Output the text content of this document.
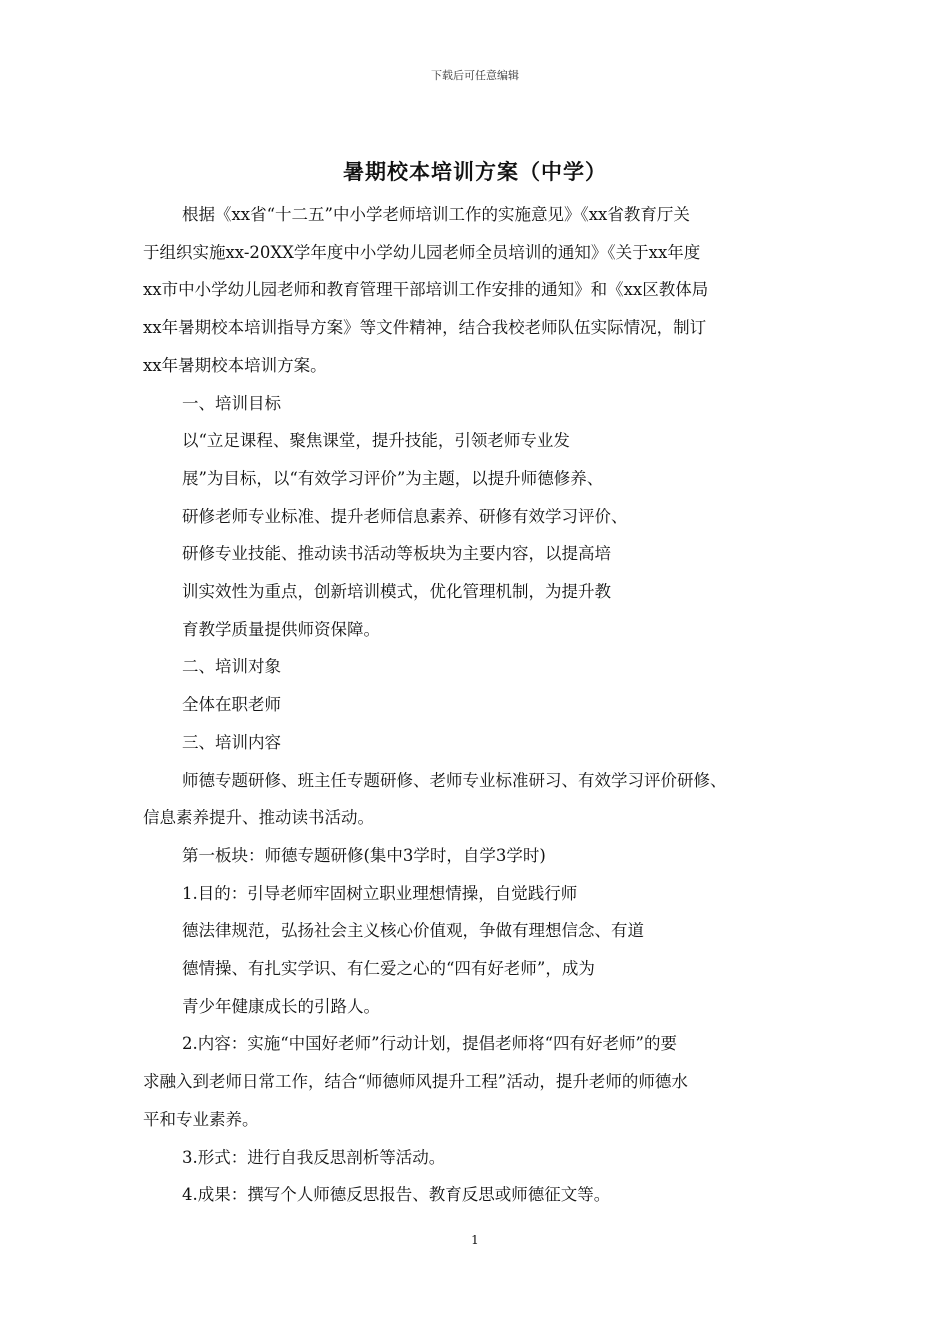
下载后可任意编辑
暑期校本培训方案（中学）

根据《xx省“十二五”中小学老师培训工作的实施意见》《xx省教育厅关

于组织实施xx-20XX学年度中小学幼儿园老师全员培训的通知》《关于xx年度

xx市中小学幼儿园老师和教育管理干部培训工作安排的通知》和《xx区教体局

xx年暑期校本培训指导方案》等文件精神，结合我校老师队伍实际情况，制订

xx年暑期校本培训方案。

一、培训目标

以“立足课程、聚焦课堂，提升技能，引领老师专业发

展”为目标，以“有效学习评价”为主题，以提升师德修养、

研修老师专业标准、提升老师信息素养、研修有效学习评价、

研修专业技能、推动读书活动等板块为主要内容，以提高培

训实效性为重点，创新培训模式，优化管理机制，为提升教

育教学质量提供师资保障。

二、培训对象

全体在职老师

三、培训内容

师德专题研修、班主任专题研修、老师专业标准研习、有效学习评价研修、

信息素养提升、推动读书活动。

第一板块：师德专题研修(集中3学时，自学3学时)

1.目的：引导老师牢固树立职业理想情操，自觉践行师

德法律规范，弘扬社会主义核心价值观，争做有理想信念、有道

德情操、有扎实学识、有仁爱之心的“四有好老师”，成为

青少年健康成长的引路人。

2.内容：实施“中国好老师”行动计划，提倡老师将“四有好老师”的要

求融入到老师日常工作，结合“师德师风提升工程”活动，提升老师的师德水

平和专业素养。

3.形式：进行自我反思剖析等活动。

4.成果：撰写个人师德反思报告、教育反思或师德征文等。

1
